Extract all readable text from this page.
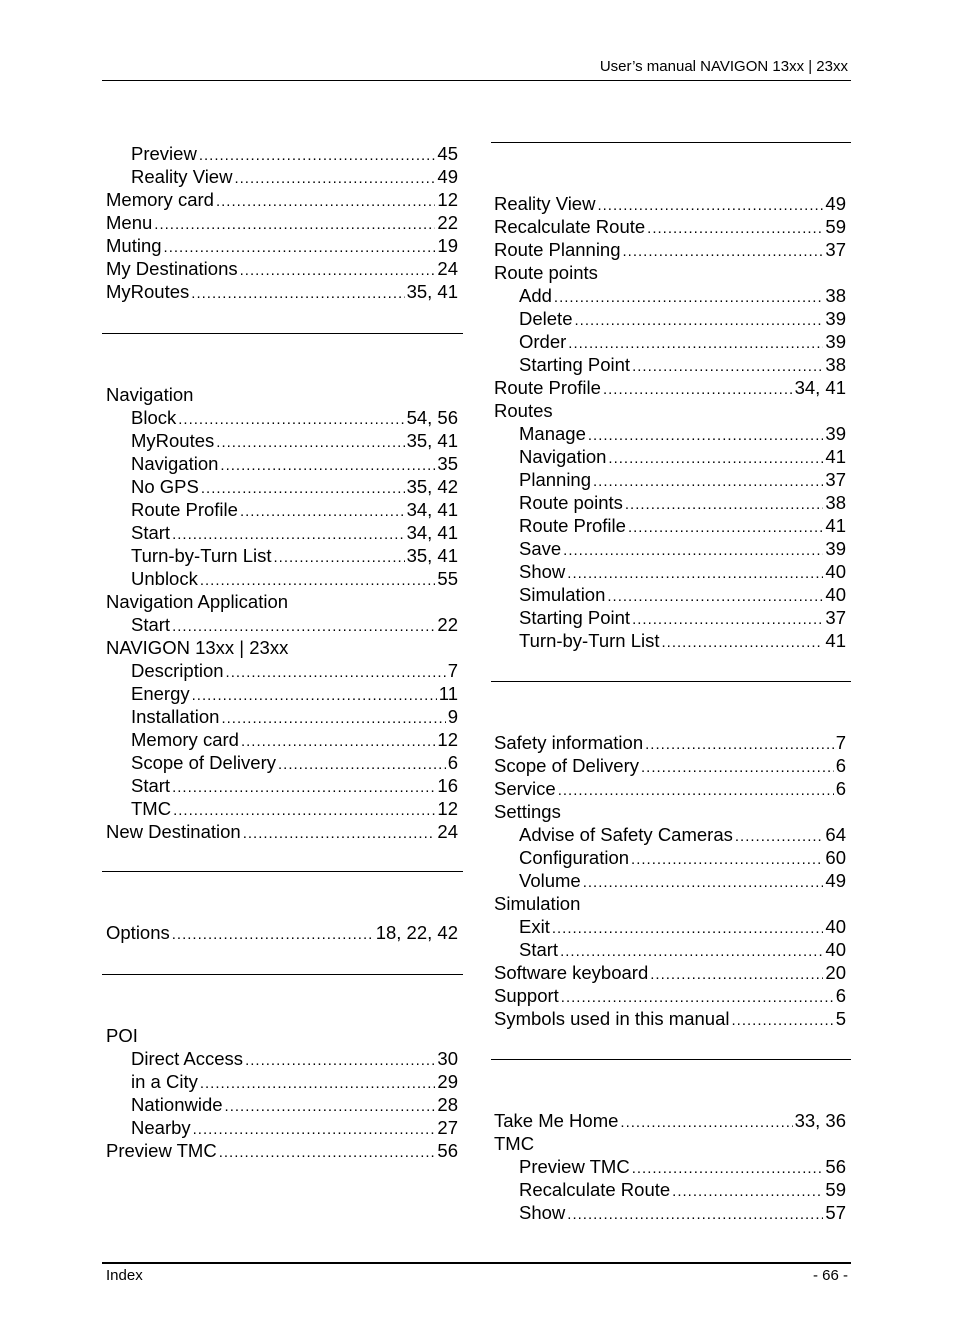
User’s manual NAVIGON 13xx | 23xx
Preview .....	45
Reality View .....	49
Memory card .....	12
Menu .....	22
Muting .....	19
My Destinations .....	24
MyRoutes .....	35, 41
Navigation
Block .....	54, 56
MyRoutes .....	35, 41
Navigation .....	35
No GPS .....	35, 42
Route Profile .....	34, 41
Start .....	34, 41
Turn-by-Turn List .....	35, 41
Unblock .....	55
Navigation Application
Start .....	22
NAVIGON 13xx | 23xx
Description .....	7
Energy .....	11
Installation .....	9
Memory card .....	12
Scope of Delivery .....	6
Start .....	16
TMC .....	12
New Destination .....	24
Options .....	18, 22, 42
POI
Direct Access .....	30
in a City .....	29
Nationwide .....	28
Nearby .....	27
Preview TMC .....	56
Reality View .....	49
Recalculate Route .....	59
Route Planning .....	37
Route points
Add .....	38
Delete .....	39
Order .....	39
Starting Point .....	38
Route Profile .....	34, 41
Routes
Manage .....	39
Navigation .....	41
Planning .....	37
Route points .....	38
Route Profile .....	41
Save .....	39
Show .....	40
Simulation .....	40
Starting Point .....	37
Turn-by-Turn List .....	41
Safety information .....	7
Scope of Delivery .....	6
Service .....	6
Settings
Advise of Safety Cameras .....	64
Configuration .....	60
Volume .....	49
Simulation
Exit .....	40
Start .....	40
Software keyboard .....	20
Support .....	6
Symbols used in this manual .....	5
Take Me Home .....	33, 36
TMC
Preview TMC .....	56
Recalculate Route .....	59
Show .....	57
Index	- 66 -
